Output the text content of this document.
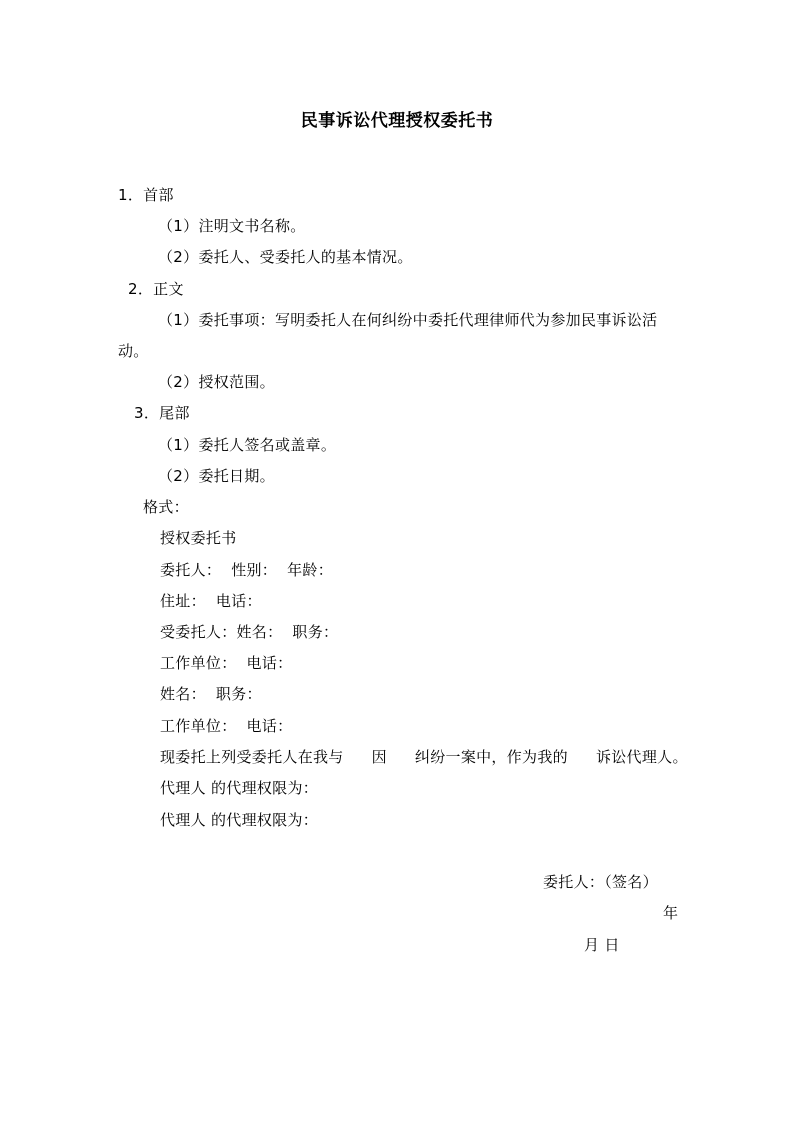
民事诉讼代理授权委托书
1．首部
（1）注明文书名称。
（2）委托人、受委托人的基本情况。
2．正文
（1）委托事项：写明委托人在何纠纷中委托代理律师代为参加民事诉讼活
动。
（2）授权范围。
3．尾部
（1）委托人签名或盖章。
（2）委托日期。
格式：
授权委托书
委托人： 性别： 年龄：
住址： 电话：
受委托人：姓名： 职务：
工作单位： 电话：
姓名： 职务：
工作单位： 电话：
现委托上列受委托人在我与 因 纠纷一案中，作为我的 诉讼代理人。
代理人 的代理权限为：
代理人 的代理权限为：
委托人：（签名）
年
月 日
